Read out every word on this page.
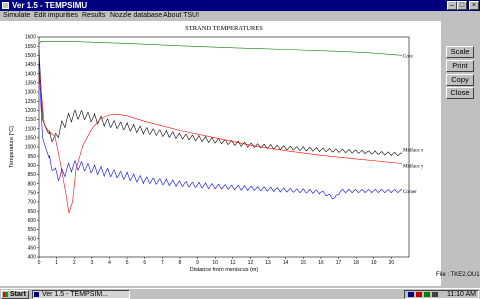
Ver 1.5 - TEMPSIMU	– □	×
Simulate Edit impurities Results Nozzle database About TSU!
400
450
500
550
600
650
700
750
800
850
900
950
1000
1050
1100
1150
1200
1250
1300
1350
1400
1450
1500
1550
1600
0	1	2	3	4	5	6	7	8	9	10 11 12 13 14 15 16 17 18 19 20
STRAND TEMPERATURES
Distance from meniscus (m)
Temperature [°C]
Core
Midface x
Midface y
Corner
Scale
Print
Copy
Close
File : TKE2.OU1
Start	Ver 1.5 - TEMPSIM...	11:10 AM
